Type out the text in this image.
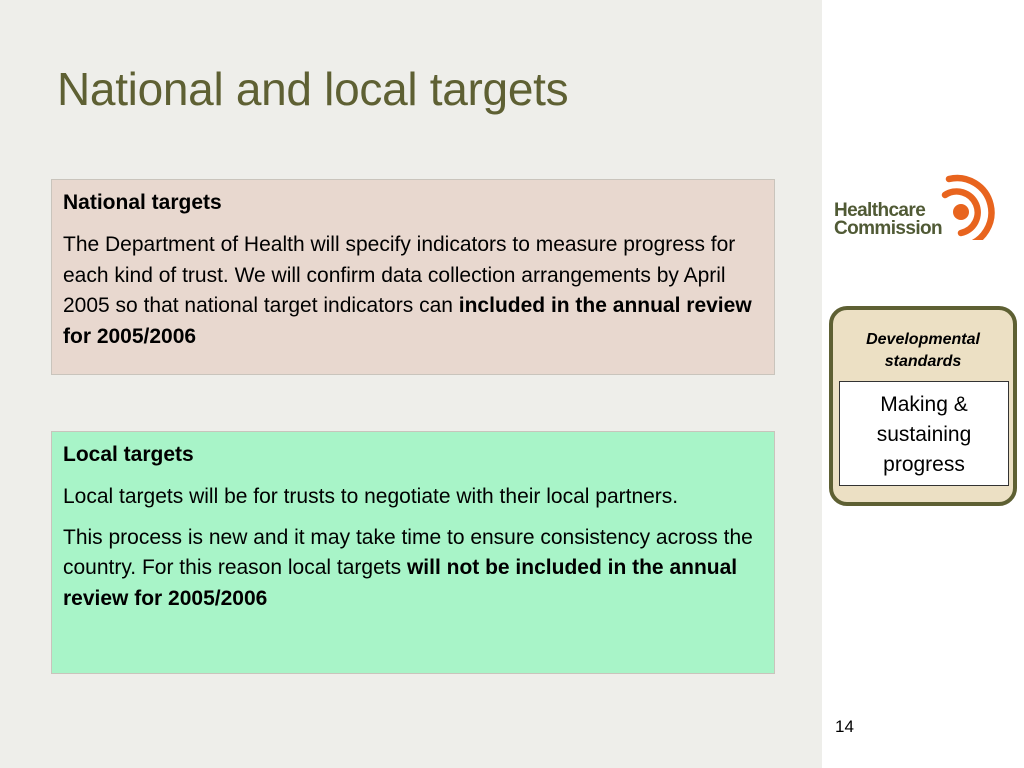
National and local targets
National targets

The Department of Health will specify indicators to measure progress for each kind of trust. We will confirm data collection arrangements by April 2005 so that national target indicators can included in the annual review for 2005/2006

Local targets

Local targets will be for trusts to negotiate with their local partners.

This process is new and it may take time to ensure consistency across the country. For this reason local targets will not be included in the annual review for 2005/2006

Healthcare
Commission
Developmental
standards
Making &
sustaining
progress
14
